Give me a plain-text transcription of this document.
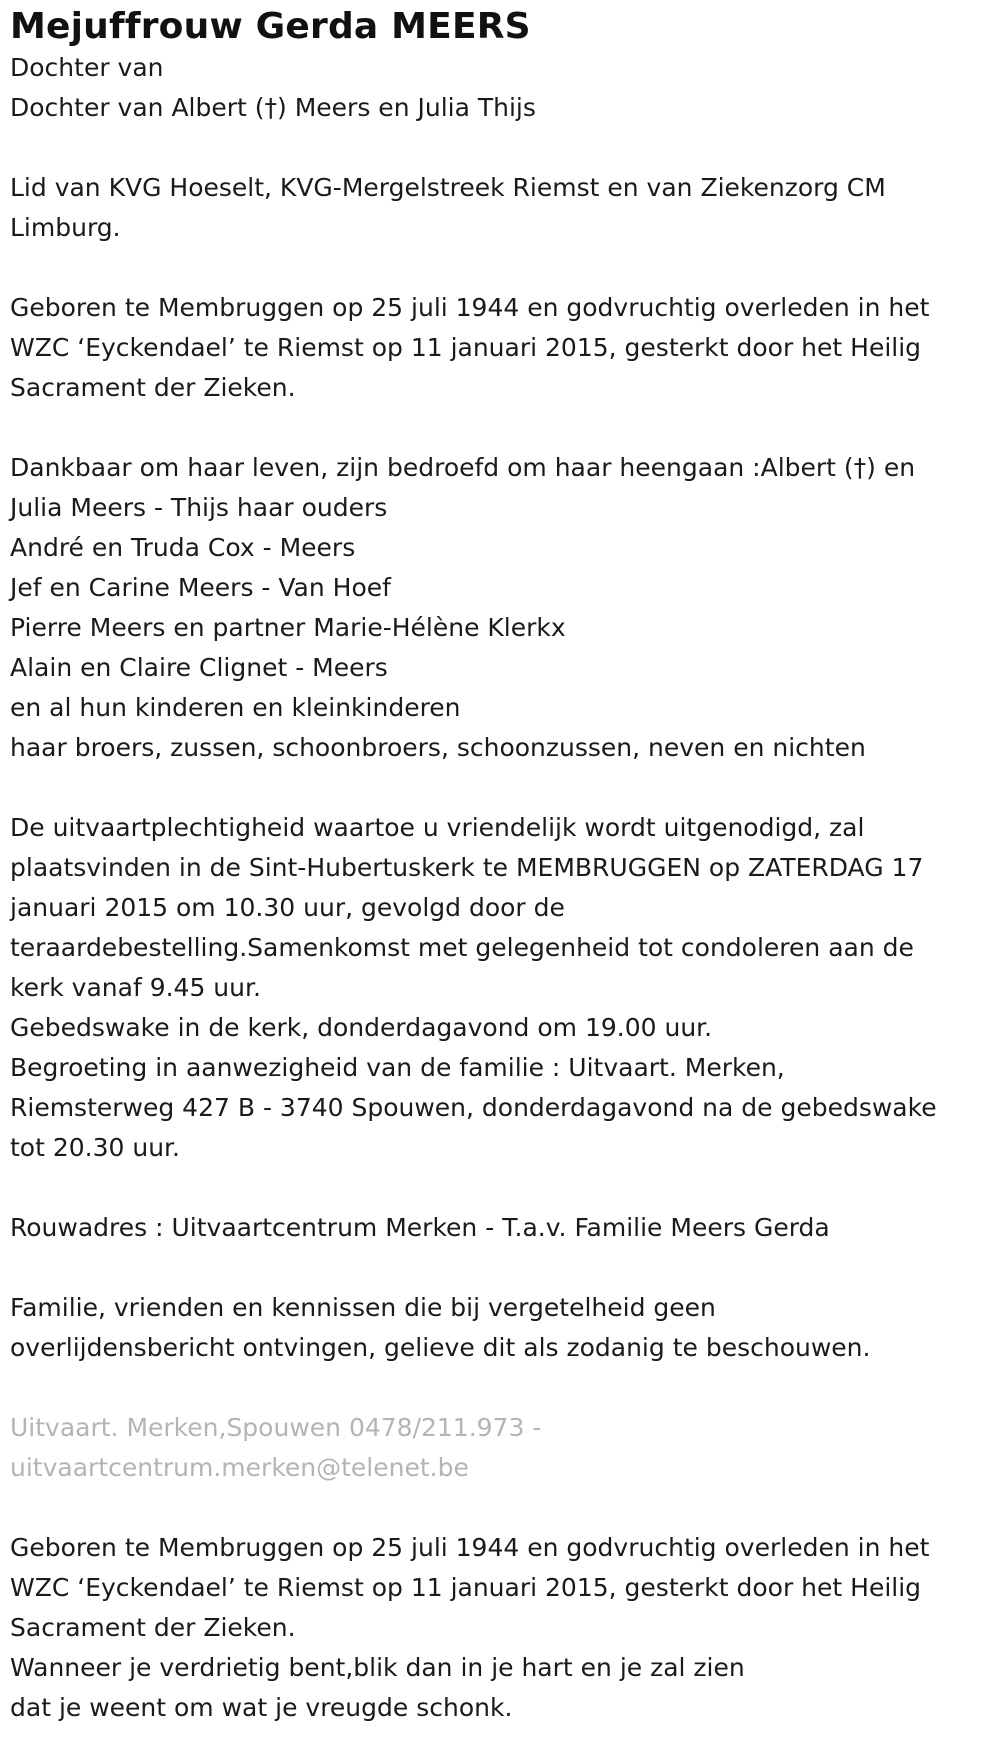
Mejuffrouw Gerda MEERS
Dochter van
Dochter van Albert (†) Meers en Julia Thijs
Lid van KVG Hoeselt, KVG-Mergelstreek Riemst en van Ziekenzorg CM
Limburg.
Geboren te Membruggen op 25 juli 1944 en godvruchtig overleden in het
WZC ‘Eyckendael’ te Riemst op 11 januari 2015, gesterkt door het Heilig
Sacrament der Zieken.
Dankbaar om haar leven, zijn bedroefd om haar heengaan :Albert (†) en
Julia Meers - Thijs haar ouders
André en Truda Cox - Meers
Jef en Carine Meers - Van Hoef
Pierre Meers en partner Marie-Hélène Klerkx
Alain en Claire Clignet - Meers
en al hun kinderen en kleinkinderen
haar broers, zussen, schoonbroers, schoonzussen, neven en nichten
De uitvaartplechtigheid waartoe u vriendelijk wordt uitgenodigd, zal
plaatsvinden in de Sint-Hubertuskerk te MEMBRUGGEN op ZATERDAG 17
januari 2015 om 10.30 uur, gevolgd door de
teraardebestelling.Samenkomst met gelegenheid tot condoleren aan de
kerk vanaf 9.45 uur.
Gebedswake in de kerk, donderdagavond om 19.00 uur.
Begroeting in aanwezigheid van de familie : Uitvaart. Merken,
Riemsterweg 427 B - 3740 Spouwen, donderdagavond na de gebedswake
tot 20.30 uur.
Rouwadres : Uitvaartcentrum Merken - T.a.v. Familie Meers Gerda
Familie, vrienden en kennissen die bij vergetelheid geen
overlijdensbericht ontvingen, gelieve dit als zodanig te beschouwen.
Uitvaart. Merken,Spouwen 0478/211.973 -
uitvaartcentrum.merken@telenet.be
Geboren te Membruggen op 25 juli 1944 en godvruchtig overleden in het
WZC ‘Eyckendael’ te Riemst op 11 januari 2015, gesterkt door het Heilig
Sacrament der Zieken.
Wanneer je verdrietig bent,blik dan in je hart en je zal zien
dat je weent om wat je vreugde schonk.
